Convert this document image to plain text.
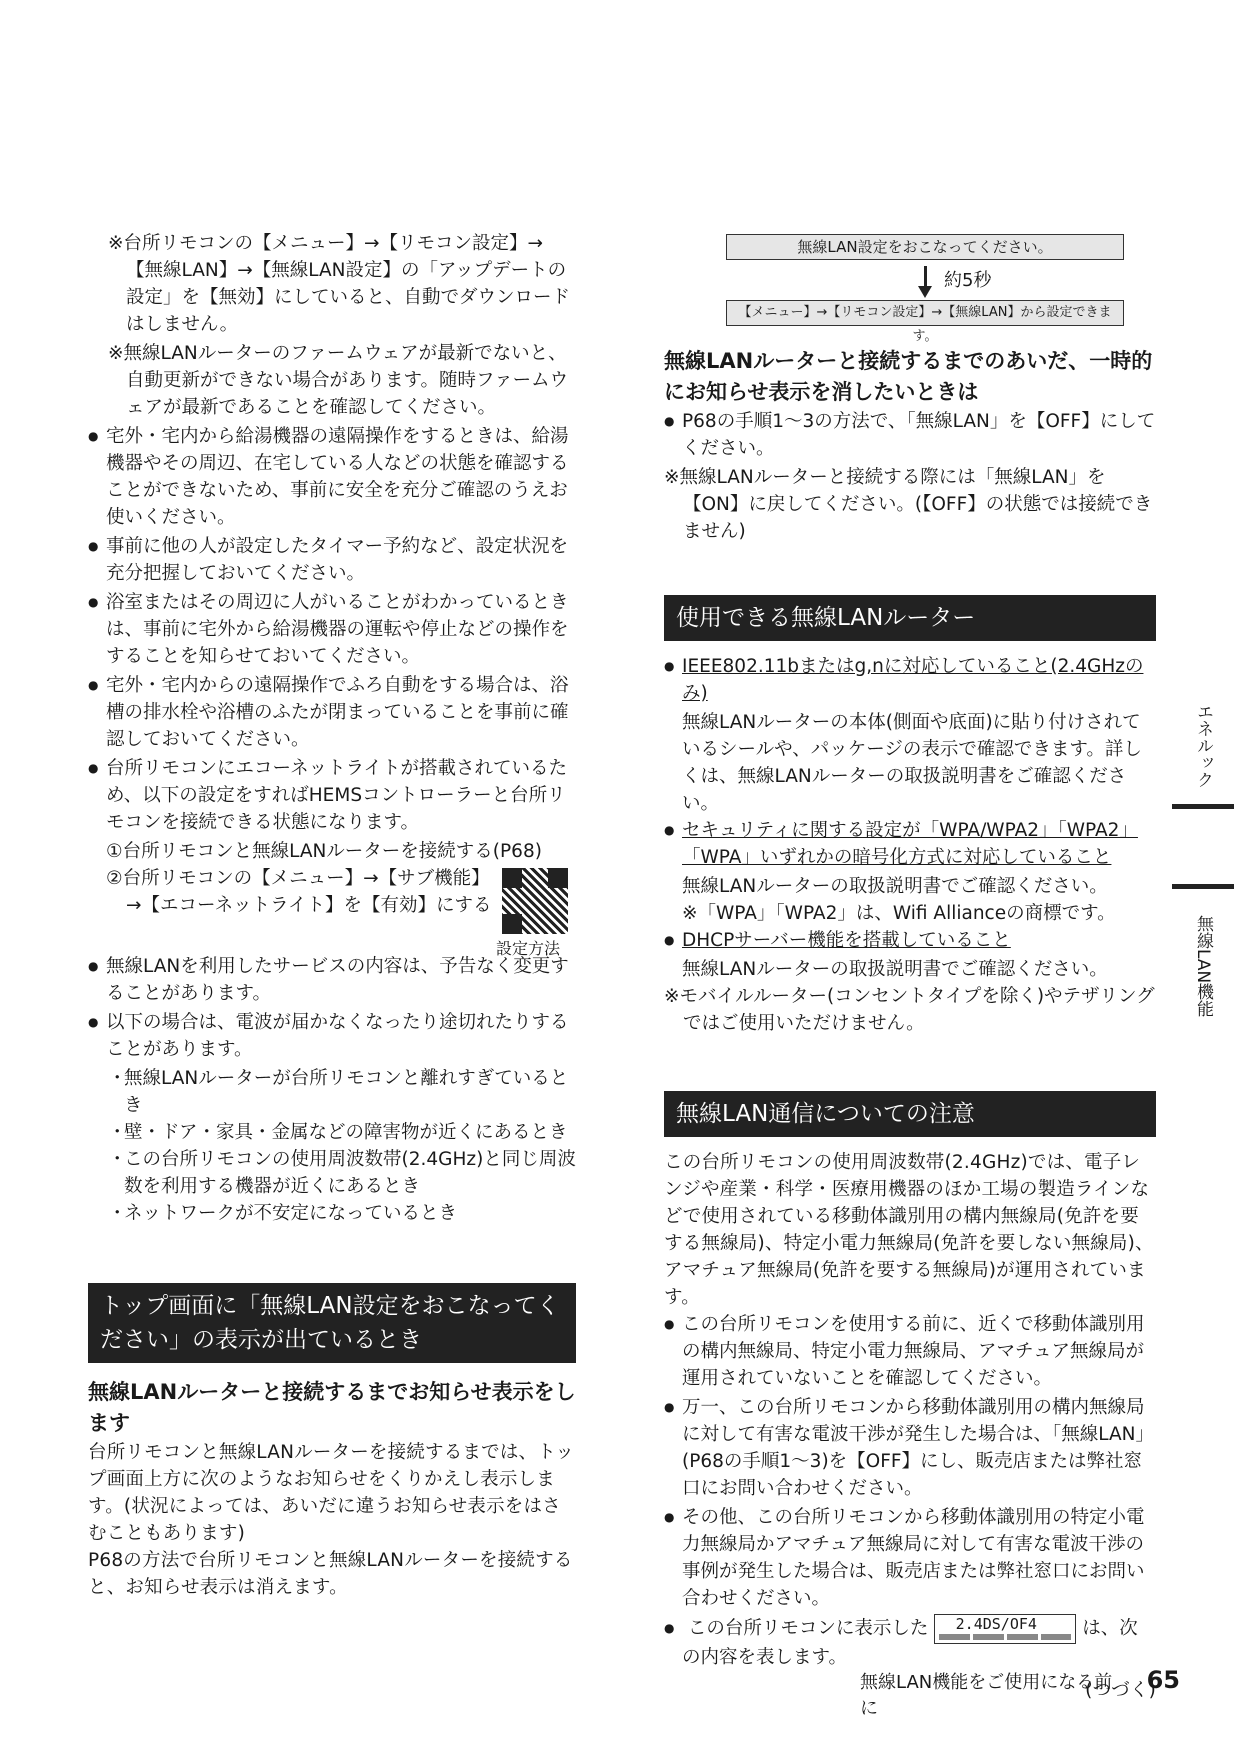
※台所リモコンの【メニュー】→【リモコン設定】→【無線LAN】→【無線LAN設定】の「アップデートの設定」を【無効】にしていると、自動でダウンロードはしません。

※無線LANルーターのファームウェアが最新でないと、自動更新ができない場合があります。随時ファームウェアが最新であることを確認してください。

● 宅外・宅内から給湯機器の遠隔操作をするときは、給湯機器やその周辺、在宅している人などの状態を確認することができないため、事前に安全を充分ご確認のうえお使いください。

● 事前に他の人が設定したタイマー予約など、設定状況を充分把握しておいてください。

● 浴室またはその周辺に人がいることがわかっているときは、事前に宅外から給湯機器の運転や停止などの操作をすることを知らせておいてください。

● 宅外・宅内からの遠隔操作でふろ自動をする場合は、浴槽の排水栓や浴槽のふたが閉まっていることを事前に確認しておいてください。

● 台所リモコンにエコーネットライトが搭載されているため、以下の設定をすればHEMSコントローラーと台所リモコンを接続できる状態になります。

①台所リモコンと無線LANルーターを接続する(P68)

②台所リモコンの【メニュー】→【サブ機能】

→【エコーネットライト】を【有効】にする

設定方法

● 無線LANを利用したサービスの内容は、予告なく変更することがあります。

● 以下の場合は、電波が届かなくなったり途切れたりすることがあります。

・ 無線LANルーターが台所リモコンと離れすぎているとき

・ 壁・ドア・家具・金属などの障害物が近くにあるとき

・ この台所リモコンの使用周波数帯(2.4GHz)と同じ周波数を利用する機器が近くにあるとき

・ ネットワークが不安定になっているとき

トップ画面に「無線LAN設定をおこなってください」の表示が出ているとき

無線LANルーターと接続するまでお知らせ表示をします

台所リモコンと無線LANルーターを接続するまでは、トップ画面上方に次のようなお知らせをくりかえし表示します。(状況によっては、あいだに違うお知らせ表示をはさむこともあります)

P68の方法で台所リモコンと無線LANルーターを接続すると、お知らせ表示は消えます。

無線LAN設定をおこなってください。
約5秒
【メニュー】→【リモコン設定】→【無線LAN】から設定できます。

無線LANルーターと接続するまでのあいだ、一時的にお知らせ表示を消したいときは

● P68の手順1〜3の方法で、「無線LAN」を【OFF】にしてください。

※無線LANルーターと接続する際には「無線LAN」を【ON】に戻してください。(【OFF】の状態では接続できません)

使用できる無線LANルーター

● IEEE802.11bまたはg,nに対応していること(2.4GHzのみ)

無線LANルーターの本体(側面や底面)に貼り付けされているシールや、パッケージの表示で確認できます。詳しくは、無線LANルーターの取扱説明書をご確認ください。

● セキュリティに関する設定が「WPA/WPA2」「WPA2」「WPA」いずれかの暗号化方式に対応していること

無線LANルーターの取扱説明書でご確認ください。

※「WPA」「WPA2」は、Wifi Allianceの商標です。

● DHCPサーバー機能を搭載していること

無線LANルーターの取扱説明書でご確認ください。

※モバイルルーター(コンセントタイプを除く)やテザリングではご使用いただけません。

無線LAN通信についての注意

この台所リモコンの使用周波数帯(2.4GHz)では、電子レンジや産業・科学・医療用機器のほか工場の製造ラインなどで使用されている移動体識別用の構内無線局(免許を要する無線局)、特定小電力無線局(免許を要しない無線局)、アマチュア無線局(免許を要する無線局)が運用されています。

● この台所リモコンを使用する前に、近くで移動体識別用の構内無線局、特定小電力無線局、アマチュア無線局が運用されていないことを確認してください。

● 万一、この台所リモコンから移動体識別用の構内無線局に対して有害な電波干渉が発生した場合は、「無線LAN」(P68の手順1〜3)を【OFF】にし、販売店または弊社窓口にお問い合わせください。

● その他、この台所リモコンから移動体識別用の特定小電力無線局かアマチュア無線局に対して有害な電波干渉の事例が発生した場合は、販売店または弊社窓口にお問い合わせください。

● この台所リモコンに表示した 2.4DS/OF4 は、次の内容を表します。

(つづく)

エネルック
無線LAN機能
無線LAN機能をご使用になる前に
65
